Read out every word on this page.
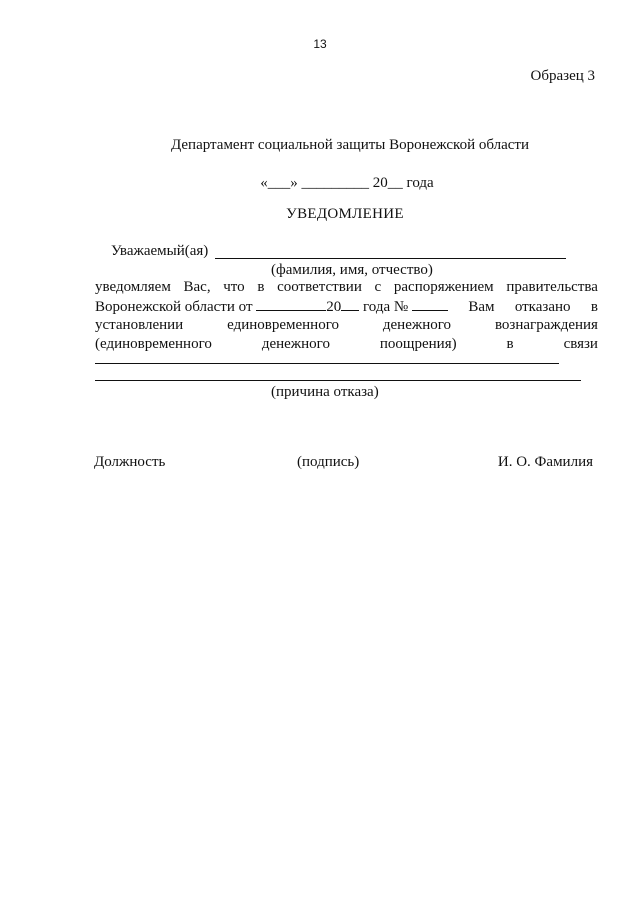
13
Образец 3
Департамент социальной защиты Воронежской области
«___» _________ 20__ года
УВЕДОМЛЕНИЕ
Уважаемый(ая)
(фамилия, имя, отчество)
уведомляем Вас, что в соответствии с распоряжением правительства
Воронежской области от	20 года №	Вам отказано в
установлении	единовременного	денежного	вознаграждения
(единовременного	денежного	поощрения)	в	связи
(причина отказа)
Должность	(подпись)	И. О. Фамилия
